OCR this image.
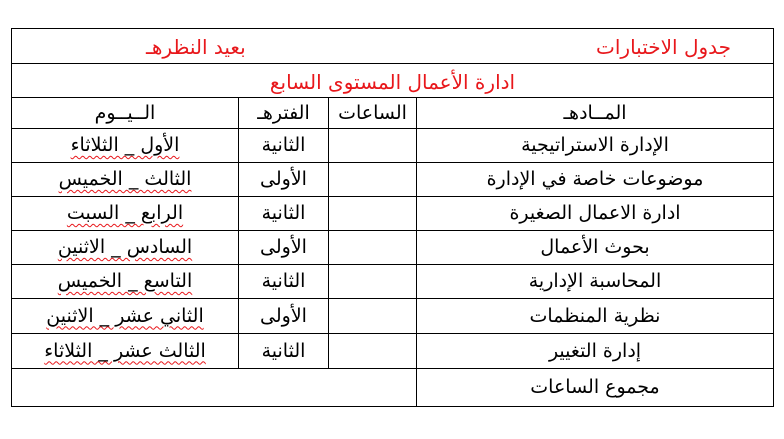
جدول الاختبارات
بعيد النظرهـ
ادارة الأعمال المستوى السابع
المــادهـ
الساعات
الفترهـ
الــيــوم
الإدارة الاستراتيجية
الثانية
الأول _ الثلاثاء
موضوعات خاصة في الإدارة
الأولى
الثالث _ الخميس
ادارة الاعمال الصغيرة
الثانية
الرابع _ السبت
بحوث الأعمال
الأولى
السادس _ الاثنين
المحاسبة الإدارية
الثانية
التاسع _ الخميس
نظرية المنظمات
الأولى
الثاني عشر _ الاثنين
إدارة التغيير
الثانية
الثالث عشر _ الثلاثاء
مجموع الساعات
